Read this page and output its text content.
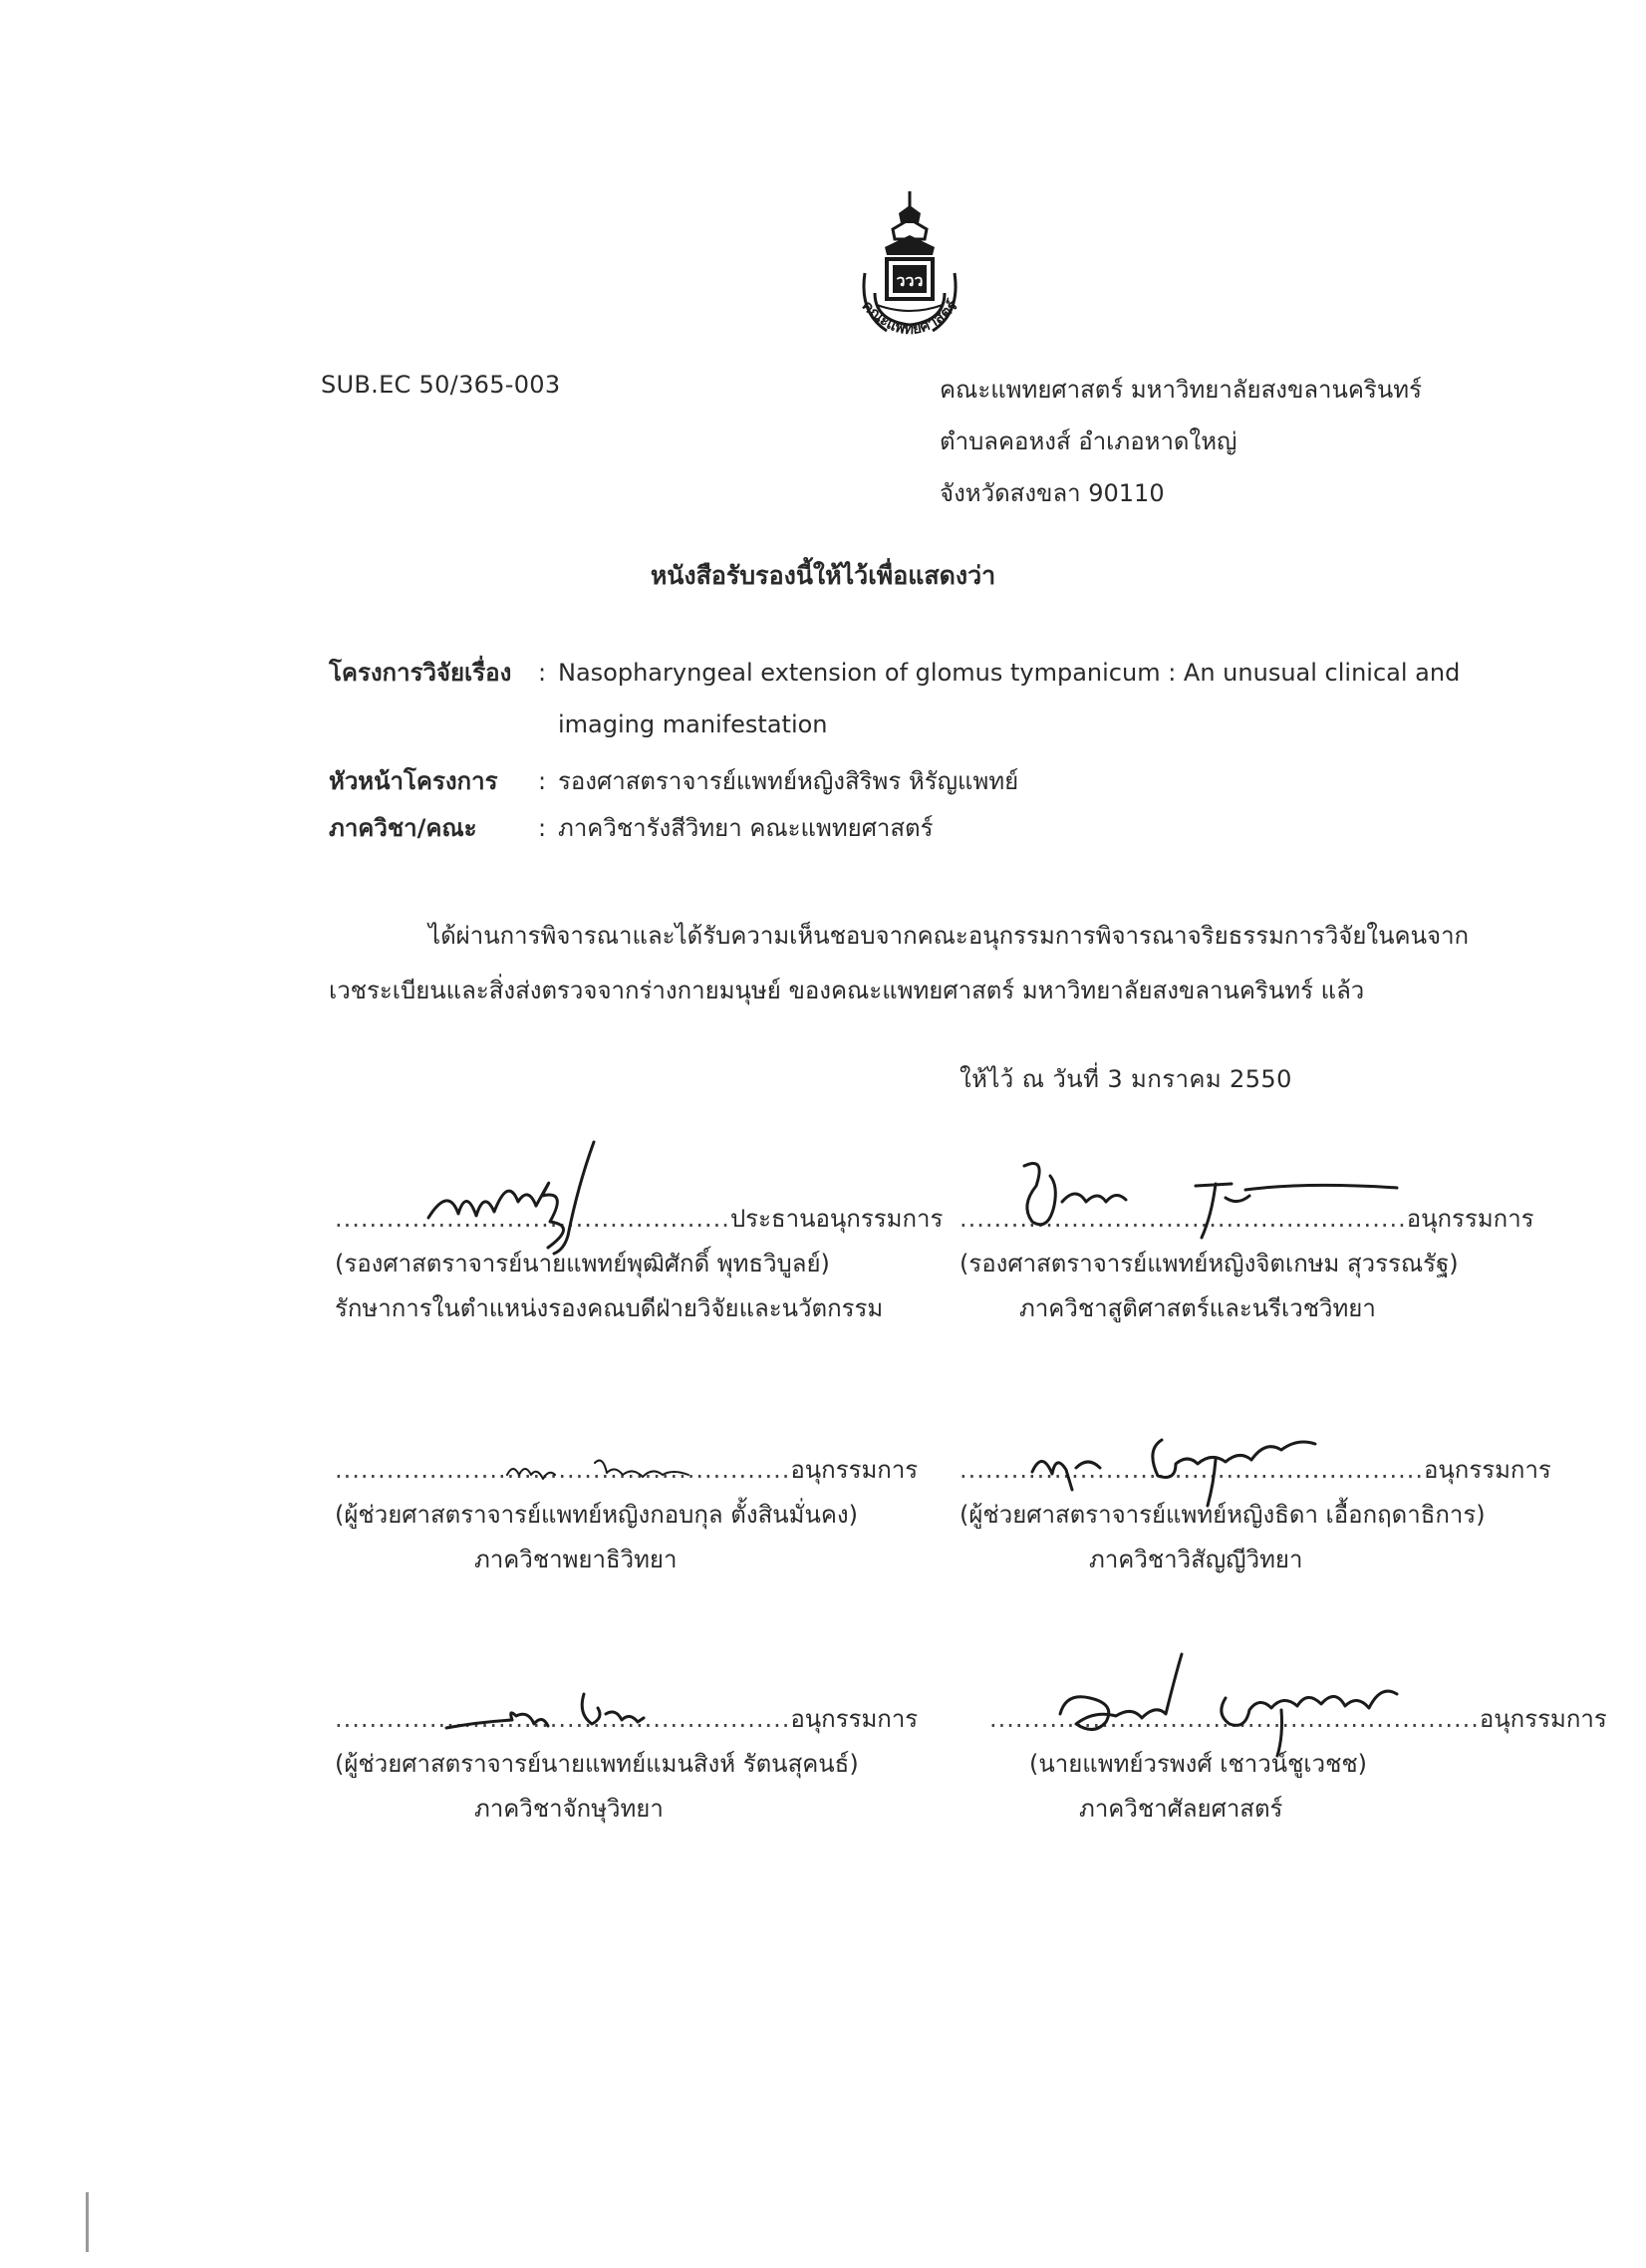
ววว
คณะแพทยศาสตร์
SUB.EC 50/365-003	คณะแพทยศาสตร์ มหาวิทยาลัยสงขลานครินทร์
ตำบลคอหงส์ อำเภอหาดใหญ่
จังหวัดสงขลา 90110
หนังสือรับรองนี้ให้ไว้เพื่อแสดงว่า
โครงการวิจัยเรื่อง	: Nasopharyngeal extension of glomus tympanicum : An unusual clinical and imaging manifestation
หัวหน้าโครงการ	: รองศาสตราจารย์แพทย์หญิงสิริพร หิรัญแพทย์
ภาควิชา/คณะ	: ภาควิชารังสีวิทยา คณะแพทยศาสตร์
ได้ผ่านการพิจารณาและได้รับความเห็นชอบจากคณะอนุกรรมการพิจารณาจริยธรรมการวิจัยในคนจาก
เวชระเบียนและสิ่งส่งตรวจจากร่างกายมนุษย์ ของคณะแพทยศาสตร์ มหาวิทยาลัยสงขลานครินทร์ แล้ว
ให้ไว้ ณ วันที่ 3 มกราคม 2550
..............................................ประธานอนุกรรมการ
(รองศาสตราจารย์นายแพทย์พุฒิศักดิ์ พุทธวิบูลย์)
รักษาการในตำแหน่งรองคณบดีฝ่ายวิจัยและนวัตกรรม
....................................................อนุกรรมการ
(รองศาสตราจารย์แพทย์หญิงจิตเกษม สุวรรณรัฐ)
ภาควิชาสูติศาสตร์และนรีเวชวิทยา
.....................................................อนุกรรมการ
(ผู้ช่วยศาสตราจารย์แพทย์หญิงกอบกุล ตั้งสินมั่นคง)
ภาควิชาพยาธิวิทยา
......................................................อนุกรรมการ
(ผู้ช่วยศาสตราจารย์แพทย์หญิงธิดา เอื้อกฤดาธิการ)
ภาควิชาวิสัญญีวิทยา
.....................................................อนุกรรมการ
(ผู้ช่วยศาสตราจารย์นายแพทย์แมนสิงห์ รัตนสุคนธ์)
ภาควิชาจักษุวิทยา
.........................................................อนุกรรมการ
(นายแพทย์วรพงศ์ เชาวน์ชูเวชช)
ภาควิชาศัลยศาสตร์
